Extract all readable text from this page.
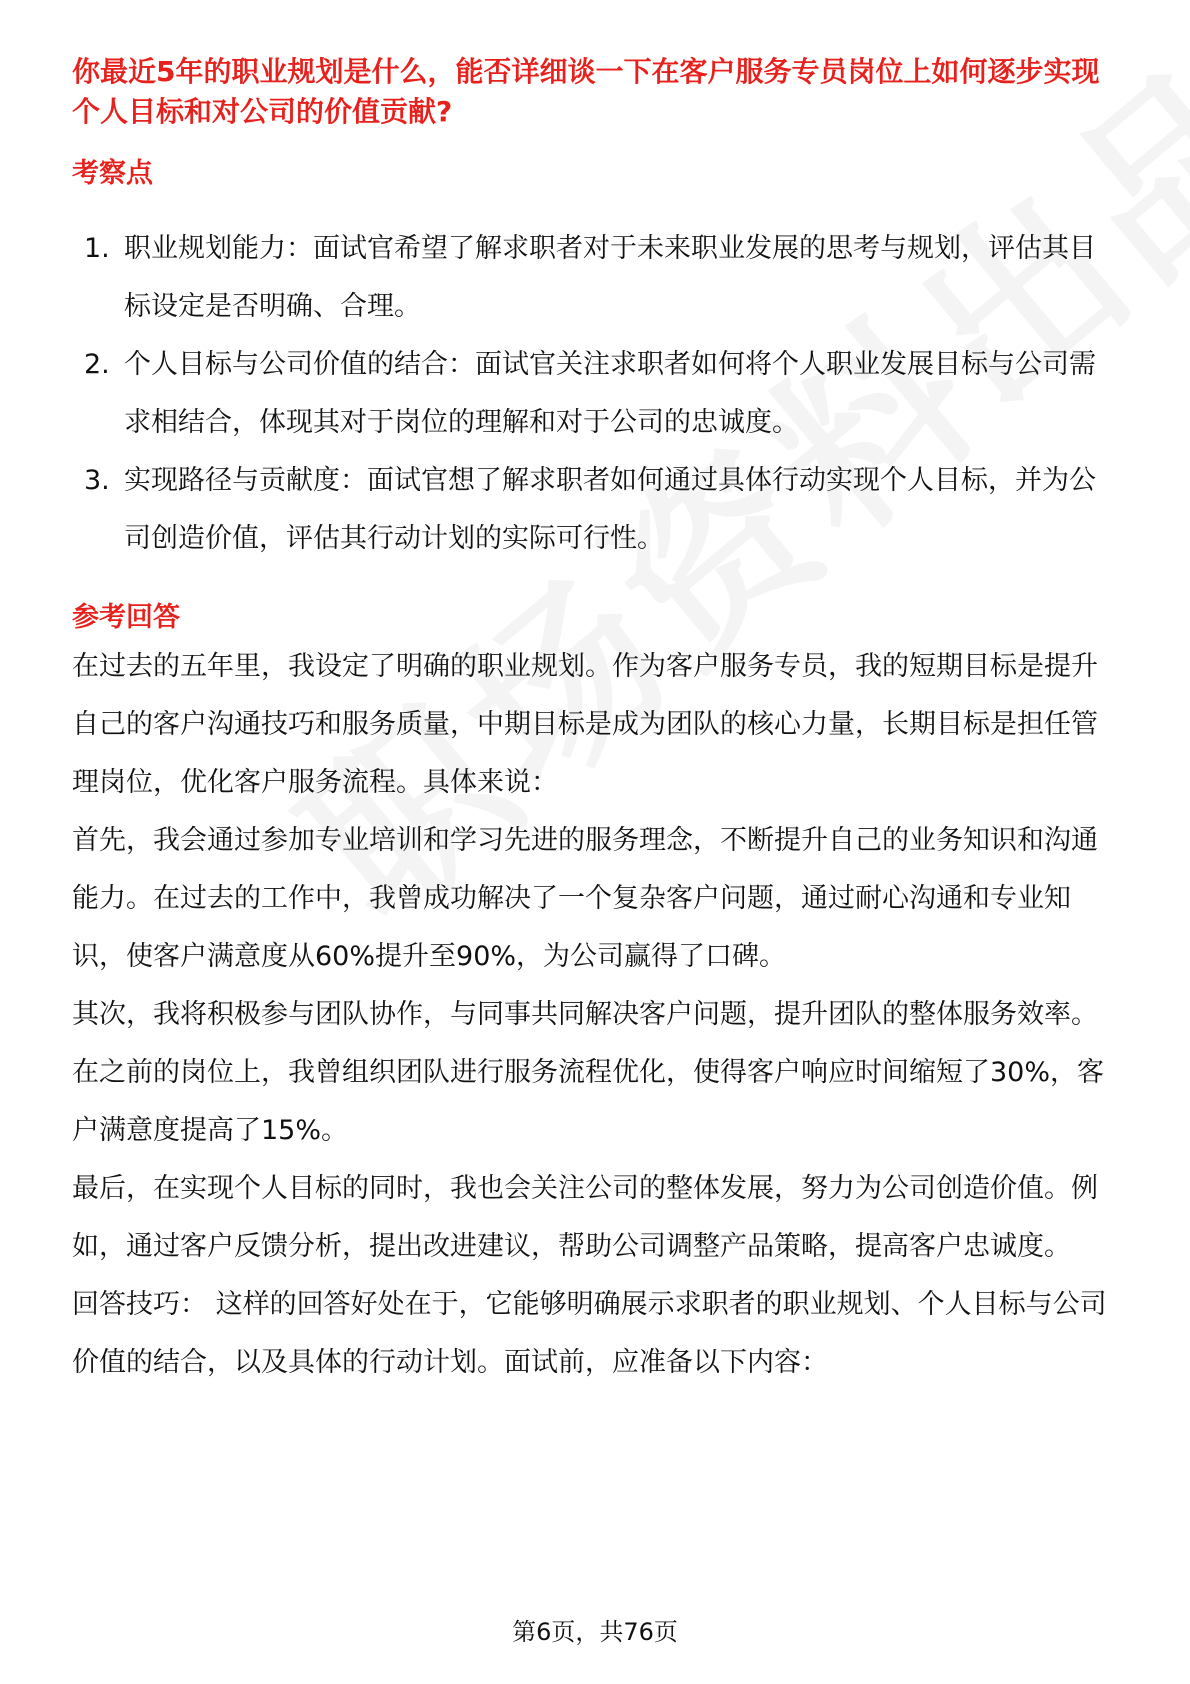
你最近5年的职业规划是什么，能否详细谈一下在客户服务专员岗位上如何逐步实现个人目标和对公司的价值贡献?
考察点
1. 职业规划能力：面试官希望了解求职者对于未来职业发展的思考与规划，评估其目标设定是否明确、合理。
2. 个人目标与公司价值的结合：面试官关注求职者如何将个人职业发展目标与公司需求相结合，体现其对于岗位的理解和对于公司的忠诚度。
3. 实现路径与贡献度：面试官想了解求职者如何通过具体行动实现个人目标，并为公司创造价值，评估其行动计划的实际可行性。
参考回答

在过去的五年里，我设定了明确的职业规划。作为客户服务专员，我的短期目标是提升自己的客户沟通技巧和服务质量，中期目标是成为团队的核心力量，长期目标是担任管理岗位，优化客户服务流程。具体来说：

首先，我会通过参加专业培训和学习先进的服务理念，不断提升自己的业务知识和沟通能力。在过去的工作中，我曾成功解决了一个复杂客户问题，通过耐心沟通和专业知识，使客户满意度从60%提升至90%，为公司赢得了口碑。

其次，我将积极参与团队协作，与同事共同解决客户问题，提升团队的整体服务效率。在之前的岗位上，我曾组织团队进行服务流程优化，使得客户响应时间缩短了30%，客户满意度提高了15%。

最后，在实现个人目标的同时，我也会关注公司的整体发展，努力为公司创造价值。例如，通过客户反馈分析，提出改进建议，帮助公司调整产品策略，提高客户忠诚度。

回答技巧： 这样的回答好处在于，它能够明确展示求职者的职业规划、个人目标与公司价值的结合，以及具体的行动计划。面试前，应准备以下内容：

第6页，共76页
